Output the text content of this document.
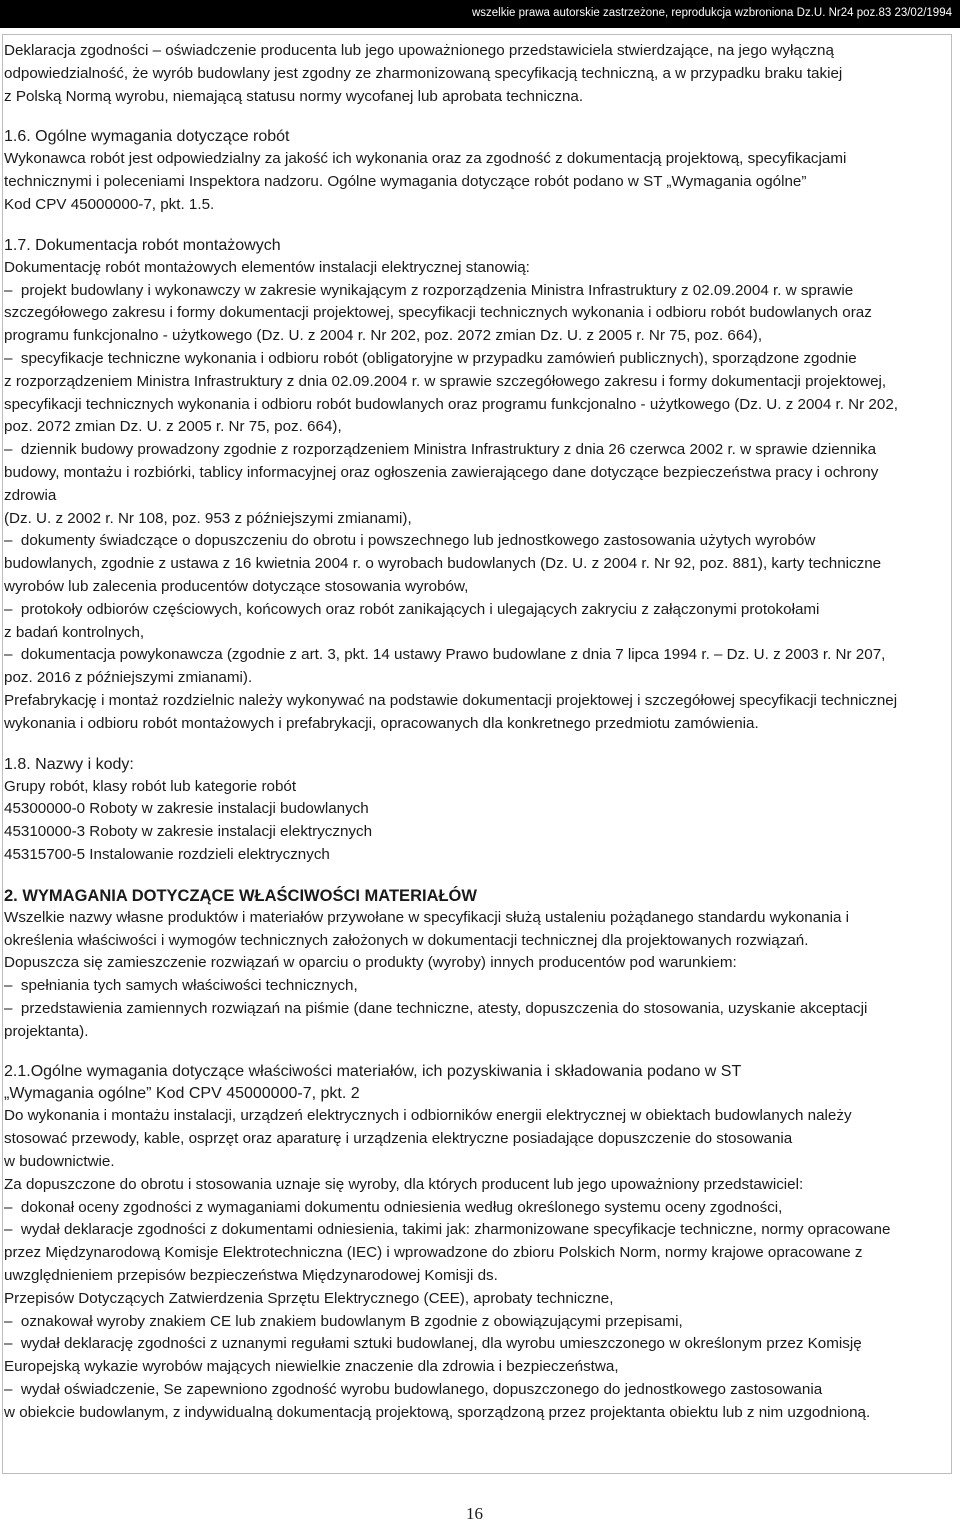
wszelkie prawa autorskie zastrzeżone, reprodukcja wzbroniona Dz.U. Nr24 poz.83 23/02/1994

Deklaracja zgodności – oświadczenie producenta lub jego upoważnionego przedstawiciela stwierdzające, na jego wyłączną

odpowiedzialność, że wyrób budowlany jest zgodny ze zharmonizowaną specyfikacją techniczną, a w przypadku braku takiej

z Polską Normą wyrobu, niemającą statusu normy wycofanej lub aprobata techniczna.

1.6. Ogólne wymagania dotyczące robót

Wykonawca robót jest odpowiedzialny za jakość ich wykonania oraz za zgodność z dokumentacją projektową, specyfikacjami

technicznymi i poleceniami Inspektora nadzoru. Ogólne wymagania dotyczące robót podano w ST „Wymagania ogólne”

Kod CPV 45000000-7, pkt. 1.5.

1.7. Dokumentacja robót montażowych

Dokumentację robót montażowych elementów instalacji elektrycznej stanowią:

–  projekt budowlany i wykonawczy w zakresie wynikającym z rozporządzenia Ministra Infrastruktury z 02.09.2004 r. w sprawie

szczegółowego zakresu i formy dokumentacji projektowej, specyfikacji technicznych wykonania i odbioru robót budowlanych oraz

programu funkcjonalno - użytkowego (Dz. U. z 2004 r. Nr 202, poz. 2072 zmian Dz. U. z 2005 r. Nr 75, poz. 664),

–  specyfikacje techniczne wykonania i odbioru robót (obligatoryjne w przypadku zamówień publicznych), sporządzone zgodnie

z rozporządzeniem Ministra Infrastruktury z dnia 02.09.2004 r. w sprawie szczegółowego zakresu i formy dokumentacji projektowej,

specyfikacji technicznych wykonania i odbioru robót budowlanych oraz programu funkcjonalno - użytkowego (Dz. U. z 2004 r. Nr 202,

poz. 2072 zmian Dz. U. z 2005 r. Nr 75, poz. 664),

–  dziennik budowy prowadzony zgodnie z rozporządzeniem Ministra Infrastruktury z dnia 26 czerwca 2002 r. w sprawie dziennika

budowy, montażu i rozbiórki, tablicy informacyjnej oraz ogłoszenia zawierającego dane dotyczące bezpieczeństwa pracy i ochrony

zdrowia

(Dz. U. z 2002 r. Nr 108, poz. 953 z późniejszymi zmianami),

–  dokumenty świadczące o dopuszczeniu do obrotu i powszechnego lub jednostkowego zastosowania użytych wyrobów

budowlanych, zgodnie z ustawa z 16 kwietnia 2004 r. o wyrobach budowlanych (Dz. U. z 2004 r. Nr 92, poz. 881), karty techniczne

wyrobów lub zalecenia producentów dotyczące stosowania wyrobów,

–  protokoły odbiorów częściowych, końcowych oraz robót zanikających i ulegających zakryciu z załączonymi protokołami

z badań kontrolnych,

–  dokumentacja powykonawcza (zgodnie z art. 3, pkt. 14 ustawy Prawo budowlane z dnia 7 lipca 1994 r. – Dz. U. z 2003 r. Nr 207,

poz. 2016 z późniejszymi zmianami).

Prefabrykację i montaż rozdzielnic należy wykonywać na podstawie dokumentacji projektowej i szczegółowej specyfikacji technicznej

wykonania i odbioru robót montażowych i prefabrykacji, opracowanych dla konkretnego przedmiotu zamówienia.

1.8. Nazwy i kody:

Grupy robót, klasy robót lub kategorie robót

45300000-0 Roboty w zakresie instalacji budowlanych

45310000-3 Roboty w zakresie instalacji elektrycznych

45315700-5 Instalowanie rozdzieli elektrycznych

2. WYMAGANIA DOTYCZĄCE WŁAŚCIWOŚCI MATERIAŁÓW

Wszelkie nazwy własne produktów i materiałów przywołane w specyfikacji służą ustaleniu pożądanego standardu wykonania i

określenia właściwości i wymogów technicznych założonych w dokumentacji technicznej dla projektowanych rozwiązań.

Dopuszcza się zamieszczenie rozwiązań w oparciu o produkty (wyroby) innych producentów pod warunkiem:

–  spełniania tych samych właściwości technicznych,

–  przedstawienia zamiennych rozwiązań na piśmie (dane techniczne, atesty, dopuszczenia do stosowania, uzyskanie akceptacji

projektanta).

2.1.Ogólne wymagania dotyczące właściwości materiałów, ich pozyskiwania i składowania podano w ST

„Wymagania ogólne” Kod CPV 45000000-7, pkt. 2

Do wykonania i montażu instalacji, urządzeń elektrycznych i odbiorników energii elektrycznej w obiektach budowlanych należy

stosować przewody, kable, osprzęt oraz aparaturę i urządzenia elektryczne posiadające dopuszczenie do stosowania

w budownictwie.

Za dopuszczone do obrotu i stosowania uznaje się wyroby, dla których producent lub jego upoważniony przedstawiciel:

–  dokonał oceny zgodności z wymaganiami dokumentu odniesienia według określonego systemu oceny zgodności,

–  wydał deklaracje zgodności z dokumentami odniesienia, takimi jak: zharmonizowane specyfikacje techniczne, normy opracowane

przez Międzynarodową Komisje Elektrotechniczna (IEC) i wprowadzone do zbioru Polskich Norm, normy krajowe opracowane z

uwzględnieniem przepisów bezpieczeństwa Międzynarodowej Komisji ds.

Przepisów Dotyczących Zatwierdzenia Sprzętu Elektrycznego (CEE), aprobaty techniczne,

–  oznakował wyroby znakiem CE lub znakiem budowlanym B zgodnie z obowiązującymi przepisami,

–  wydał deklarację zgodności z uznanymi regułami sztuki budowlanej, dla wyrobu umieszczonego w określonym przez Komisję

Europejską wykazie wyrobów mających niewielkie znaczenie dla zdrowia i bezpieczeństwa,

–  wydał oświadczenie, Se zapewniono zgodność wyrobu budowlanego, dopuszczonego do jednostkowego zastosowania

w obiekcie budowlanym, z indywidualną dokumentacją projektową, sporządzoną przez projektanta obiektu lub z nim uzgodnioną.

16
